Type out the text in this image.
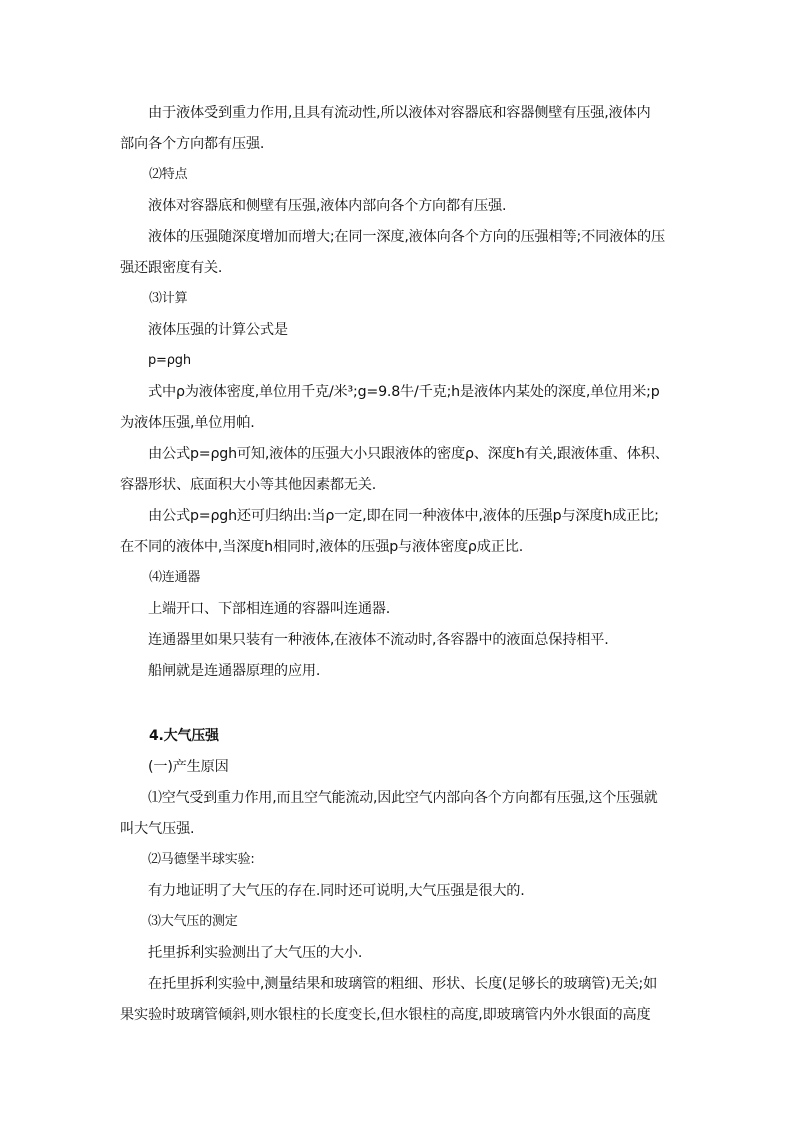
由于液体受到重力作用,且具有流动性,所以液体对容器底和容器侧壁有压强,液体内
部向各个方向都有压强.
⑵特点
液体对容器底和侧壁有压强,液体内部向各个方向都有压强.
液体的压强随深度增加而增大;在同一深度,液体向各个方向的压强相等;不同液体的压
强还跟密度有关.
⑶计算
液体压强的计算公式是
p=ρgh
式中ρ为液体密度,单位用千克/米³;g=9.8牛/千克;h是液体内某处的深度,单位用米;p
为液体压强,单位用帕.
由公式p=ρgh可知,液体的压强大小只跟液体的密度ρ、深度h有关,跟液体重、体积、
容器形状、底面积大小等其他因素都无关.
由公式p=ρgh还可归纳出:当ρ一定,即在同一种液体中,液体的压强p与深度h成正比;
在不同的液体中,当深度h相同时,液体的压强p与液体密度ρ成正比.
⑷连通器
上端开口、下部相连通的容器叫连通器.
连通器里如果只装有一种液体,在液体不流动时,各容器中的液面总保持相平.
船闸就是连通器原理的应用.
4.大气压强
(一)产生原因
⑴空气受到重力作用,而且空气能流动,因此空气内部向各个方向都有压强,这个压强就
叫大气压强.
⑵马德堡半球实验:
有力地证明了大气压的存在.同时还可说明,大气压强是很大的.
⑶大气压的测定
托里拆利实验测出了大气压的大小.
在托里拆利实验中,测量结果和玻璃管的粗细、形状、长度(足够长的玻璃管)无关;如
果实验时玻璃管倾斜,则水银柱的长度变长,但水银柱的高度,即玻璃管内外水银面的高度
